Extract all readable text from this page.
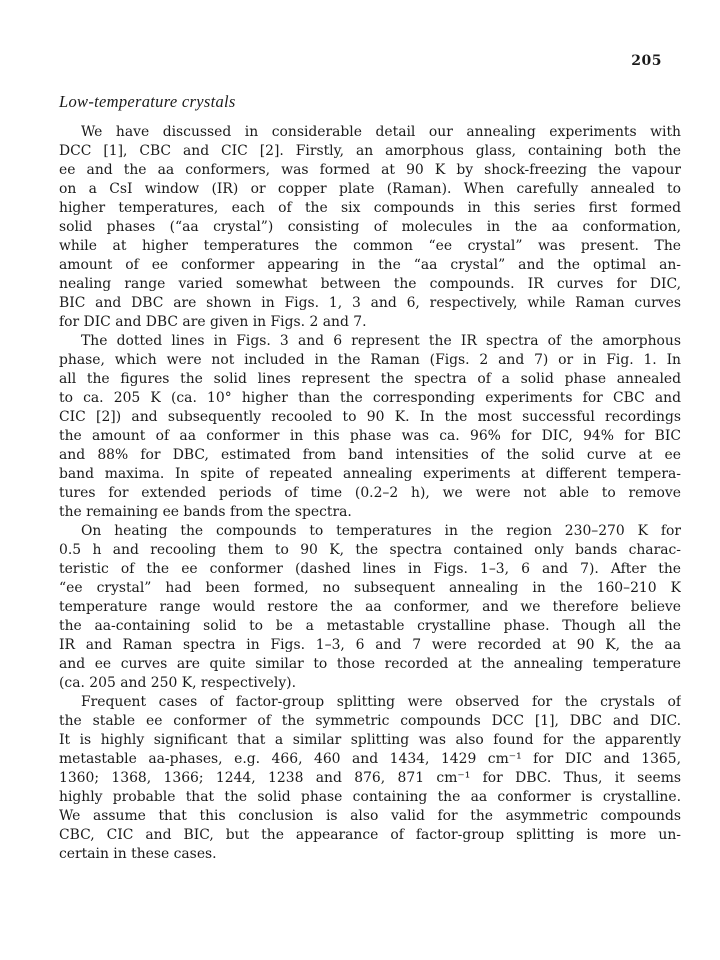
205
Low-temperature crystals
We have discussed in considerable detail our annealing experiments with
DCC [1], CBC and CIC [2]. Firstly, an amorphous glass, containing both the
ee and the aa conformers, was formed at 90 K by shock-freezing the vapour
on a CsI window (IR) or copper plate (Raman). When carefully annealed to
higher temperatures, each of the six compounds in this series first formed
solid phases (“aa crystal”) consisting of molecules in the aa conformation,
while at higher temperatures the common “ee crystal” was present. The
amount of ee conformer appearing in the “aa crystal” and the optimal an-
nealing range varied somewhat between the compounds. IR curves for DIC,
BIC and DBC are shown in Figs. 1, 3 and 6, respectively, while Raman curves
for DIC and DBC are given in Figs. 2 and 7.
The dotted lines in Figs. 3 and 6 represent the IR spectra of the amorphous
phase, which were not included in the Raman (Figs. 2 and 7) or in Fig. 1. In
all the figures the solid lines represent the spectra of a solid phase annealed
to ca. 205 K (ca. 10° higher than the corresponding experiments for CBC and
CIC [2]) and subsequently recooled to 90 K. In the most successful recordings
the amount of aa conformer in this phase was ca. 96% for DIC, 94% for BIC
and 88% for DBC, estimated from band intensities of the solid curve at ee
band maxima. In spite of repeated annealing experiments at different tempera-
tures for extended periods of time (0.2–2 h), we were not able to remove
the remaining ee bands from the spectra.
On heating the compounds to temperatures in the region 230–270 K for
0.5 h and recooling them to 90 K, the spectra contained only bands charac-
teristic of the ee conformer (dashed lines in Figs. 1–3, 6 and 7). After the
“ee crystal” had been formed, no subsequent annealing in the 160–210 K
temperature range would restore the aa conformer, and we therefore believe
the aa-containing solid to be a metastable crystalline phase. Though all the
IR and Raman spectra in Figs. 1–3, 6 and 7 were recorded at 90 K, the aa
and ee curves are quite similar to those recorded at the annealing temperature
(ca. 205 and 250 K, respectively).
Frequent cases of factor-group splitting were observed for the crystals of
the stable ee conformer of the symmetric compounds DCC [1], DBC and DIC.
It is highly significant that a similar splitting was also found for the apparently
metastable aa-phases, e.g. 466, 460 and 1434, 1429 cm⁻¹ for DIC and 1365,
1360; 1368, 1366; 1244, 1238 and 876, 871 cm⁻¹ for DBC. Thus, it seems
highly probable that the solid phase containing the aa conformer is crystalline.
We assume that this conclusion is also valid for the asymmetric compounds
CBC, CIC and BIC, but the appearance of factor-group splitting is more un-
certain in these cases.
